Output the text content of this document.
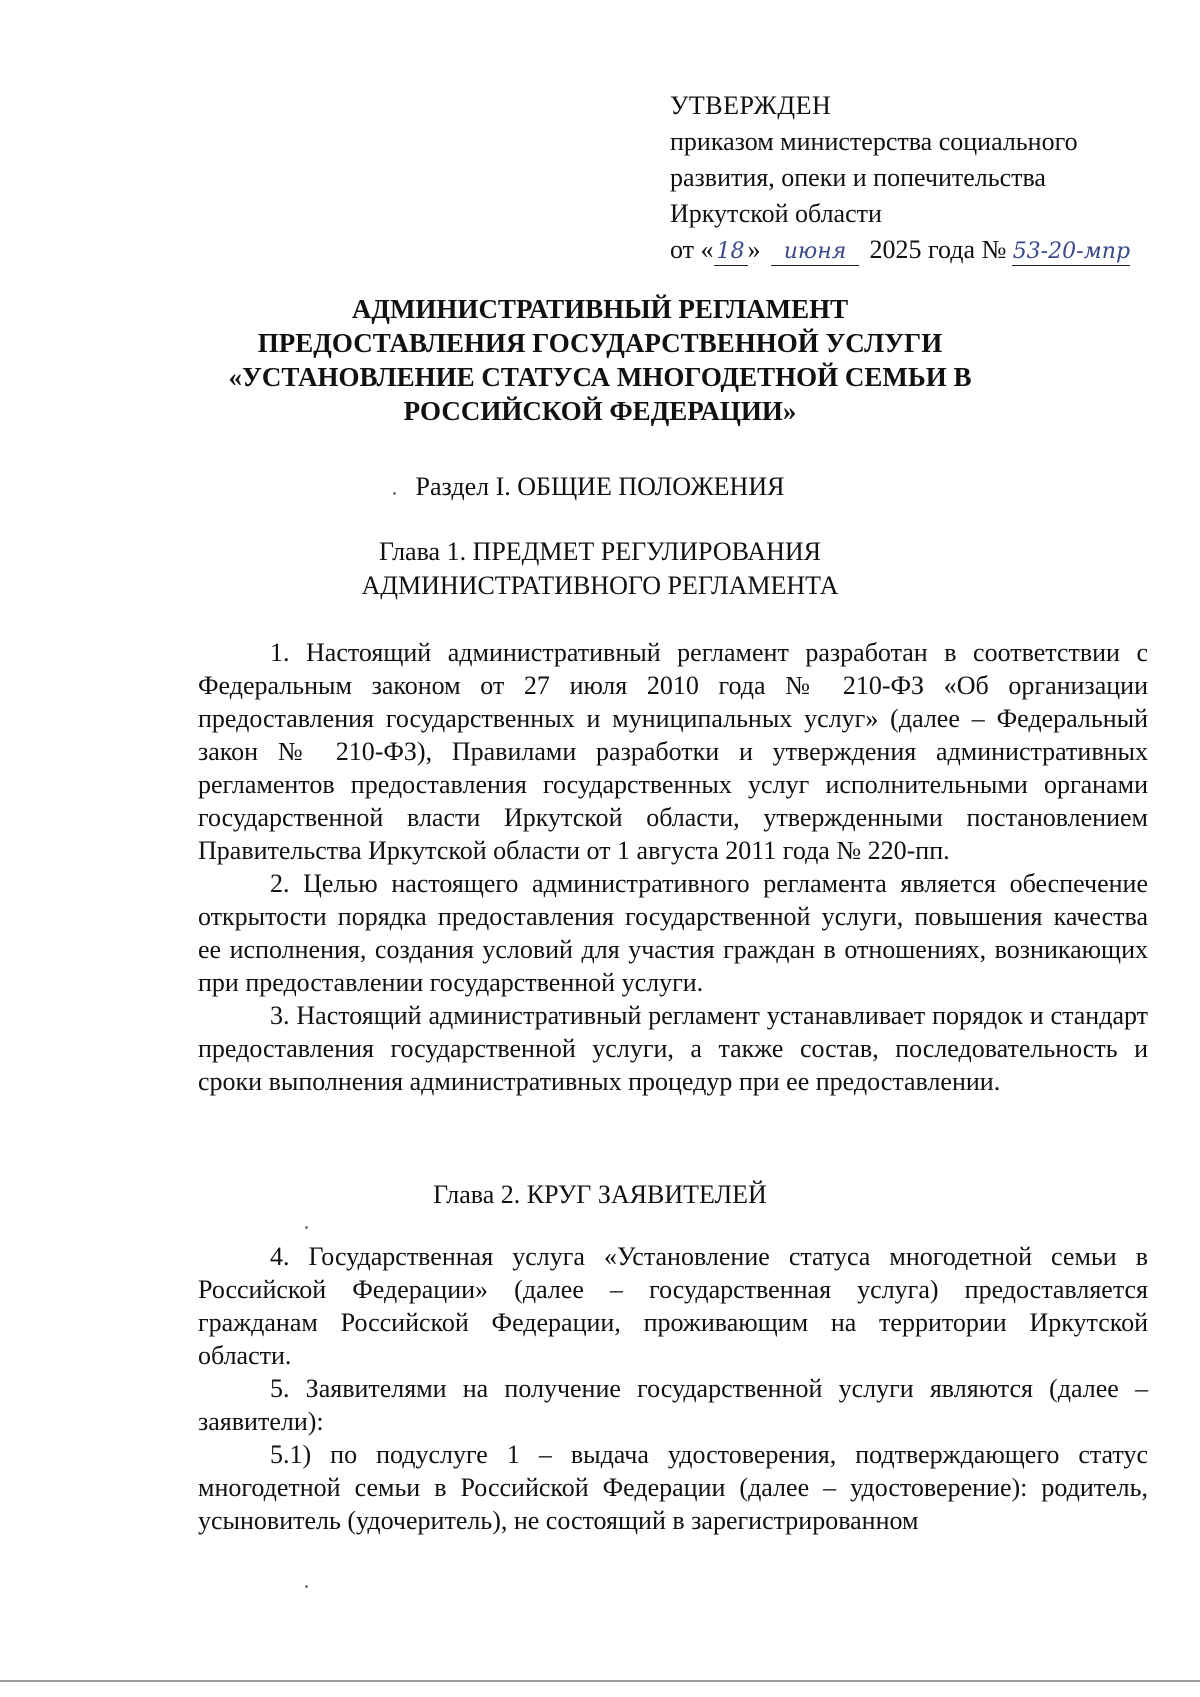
УТВЕРЖДЕН
приказом министерства социального
развития, опеки и попечительства
Иркутской области
от « 18 » июня 2025 года № 53-20-мпр
АДМИНИСТРАТИВНЫЙ РЕГЛАМЕНТ
ПРЕДОСТАВЛЕНИЯ ГОСУДАРСТВЕННОЙ УСЛУГИ
«УСТАНОВЛЕНИЕ СТАТУСА МНОГОДЕТНОЙ СЕМЬИ В
РОССИЙСКОЙ ФЕДЕРАЦИИ»
Раздел I. ОБЩИЕ ПОЛОЖЕНИЯ
Глава 1. ПРЕДМЕТ РЕГУЛИРОВАНИЯ
АДМИНИСТРАТИВНОГО РЕГЛАМЕНТА

1. Настоящий административный регламент разработан в соответствии с Федеральным законом от 27 июля 2010 года № 210-ФЗ «Об организации предоставления государственных и муниципальных услуг» (далее – Федеральный закон № 210-ФЗ), Правилами разработки и утверждения административных регламентов предоставления государственных услуг исполнительными органами государственной власти Иркутской области, утвержденными постановлением Правительства Иркутской области от 1 августа 2011 года № 220-пп.

2. Целью настоящего административного регламента является обеспечение открытости порядка предоставления государственной услуги, повышения качества ее исполнения, создания условий для участия граждан в отношениях, возникающих при предоставлении государственной услуги.

3. Настоящий административный регламент устанавливает порядок и стандарт предоставления государственной услуги, а также состав, последовательность и сроки выполнения административных процедур при ее предоставлении.

Глава 2. КРУГ ЗАЯВИТЕЛЕЙ

4. Государственная услуга «Установление статуса многодетной семьи в Российской Федерации» (далее – государственная услуга) предоставляется гражданам Российской Федерации, проживающим на территории Иркутской области.

5. Заявителями на получение государственной услуги являются (далее – заявители):

5.1) по подуслуге 1 – выдача удостоверения, подтверждающего статус многодетной семьи в Российской Федерации (далее – удостоверение): родитель, усыновитель (удочеритель), не состоящий в зарегистрированном
